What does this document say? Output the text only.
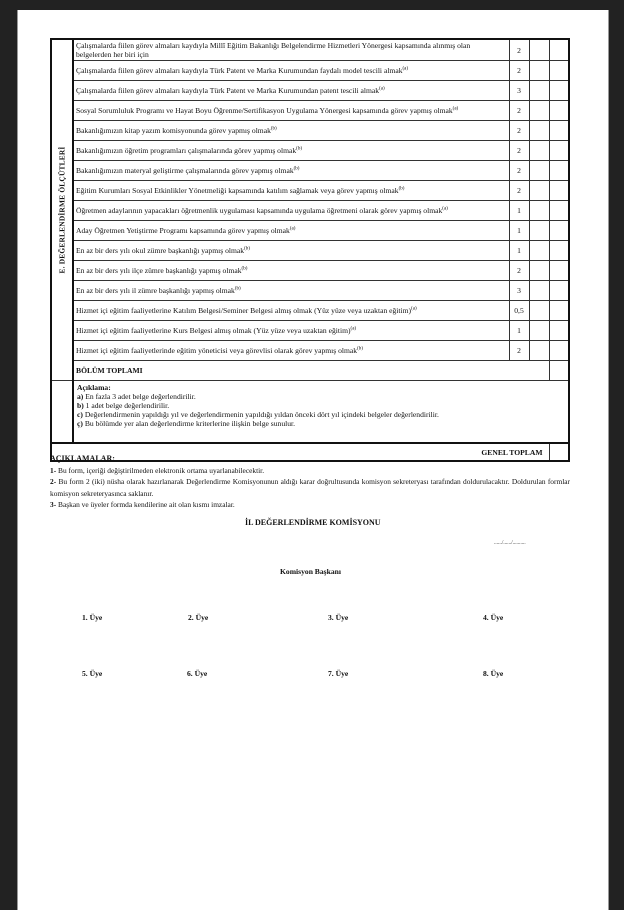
E. DEĞERLENDİRME ÖLÇÜTLERİ	Çalışmalarda fiilen görev almaları kaydıyla Millî Eğitim Bakanlığı Belgelendirme Hizmetleri Yönergesi kapsamında alınmış olan belgelerden her biri için	2		
	Çalışmalarda fiilen görev almaları kaydıyla Türk Patent ve Marka Kurumundan faydalı model tescili almak$^{(a)}$	2		
	Çalışmalarda fiilen görev almaları kaydıyla Türk Patent ve Marka Kurumundan patent tescili almak$^{(a)}$	3		
	Sosyal Sorumluluk Programı ve Hayat Boyu Öğrenme/Sertifikasyon Uygulama Yönergesi kapsamında görev yapmış olmak$^{(a)}$	2		
	Bakanlığımızın kitap yazım komisyonunda görev yapmış olmak$^{(b)}$	2		
	Bakanlığımızın öğretim programları çalışmalarında görev yapmış olmak$^{(b)}$	2		
	Bakanlığımızın materyal geliştirme çalışmalarında görev yapmış olmak$^{(b)}$	2		
	Eğitim Kurumları Sosyal Etkinlikler Yönetmeliği kapsamında katılım sağlamak veya görev yapmış olmak$^{(b)}$	2		
	Öğretmen adaylarının yapacakları öğretmenlik uygulaması kapsamında uygulama öğretmeni olarak görev yapmış olmak$^{(a)}$	1		
	Aday Öğretmen Yetiştirme Programı kapsamında görev yapmış olmak$^{(a)}$	1		
	En az bir ders yılı okul zümre başkanlığı yapmış olmak$^{(b)}$	1		
	En az bir ders yılı ilçe zümre başkanlığı yapmış olmak$^{(b)}$	2		
	En az bir ders yılı il zümre başkanlığı yapmış olmak$^{(b)}$	3		
	Hizmet içi eğitim faaliyetlerine Katılım Belgesi/Seminer Belgesi almış olmak (Yüz yüze veya uzaktan eğitim)$^{(a)}$	0,5		
	Hizmet içi eğitim faaliyetlerine Kurs Belgesi almış olmak (Yüz yüze veya uzaktan eğitim)$^{(a)}$	1		
	Hizmet içi eğitim faaliyetlerinde eğitim yöneticisi veya görevlisi olarak görev yapmış olmak$^{(b)}$	2		
	BÖLÜM TOPLAMI			

	Açıklama:
a) En fazla 3 adet belge değerlendirilir.
b) 1 adet belge değerlendirilir.
c) Değerlendirmenin yapıldığı yıl ve değerlendirmenin yapıldığı yıldan önceki dört yıl içindeki belgeler değerlendirilir.
ç) Bu bölümde yer alan değerlendirme kriterlerine ilişkin belge sunulur.			

GENEL TOPLAM				
AÇIKLAMALAR:

1- Bu form, içeriği değiştirilmeden elektronik ortama uyarlanabilecektir.

2- Bu form 2 (iki) nüsha olarak hazırlanarak Değerlendirme Komisyonunun aldığı karar doğrultusunda komisyon sekreteryası tarafından doldurulacaktır. Doldurulan formlar komisyon sekreteryasınca saklanır.

3- Başkan ve üyeler formda kendilerine ait olan kısmı imzalar.

İL DEĞERLENDİRME KOMİSYONU
....../....../..........
Komisyon Başkanı
1. Üye	2. Üye	3. Üye	4. Üye
5. Üye	6. Üye	7. Üye	8. Üye
